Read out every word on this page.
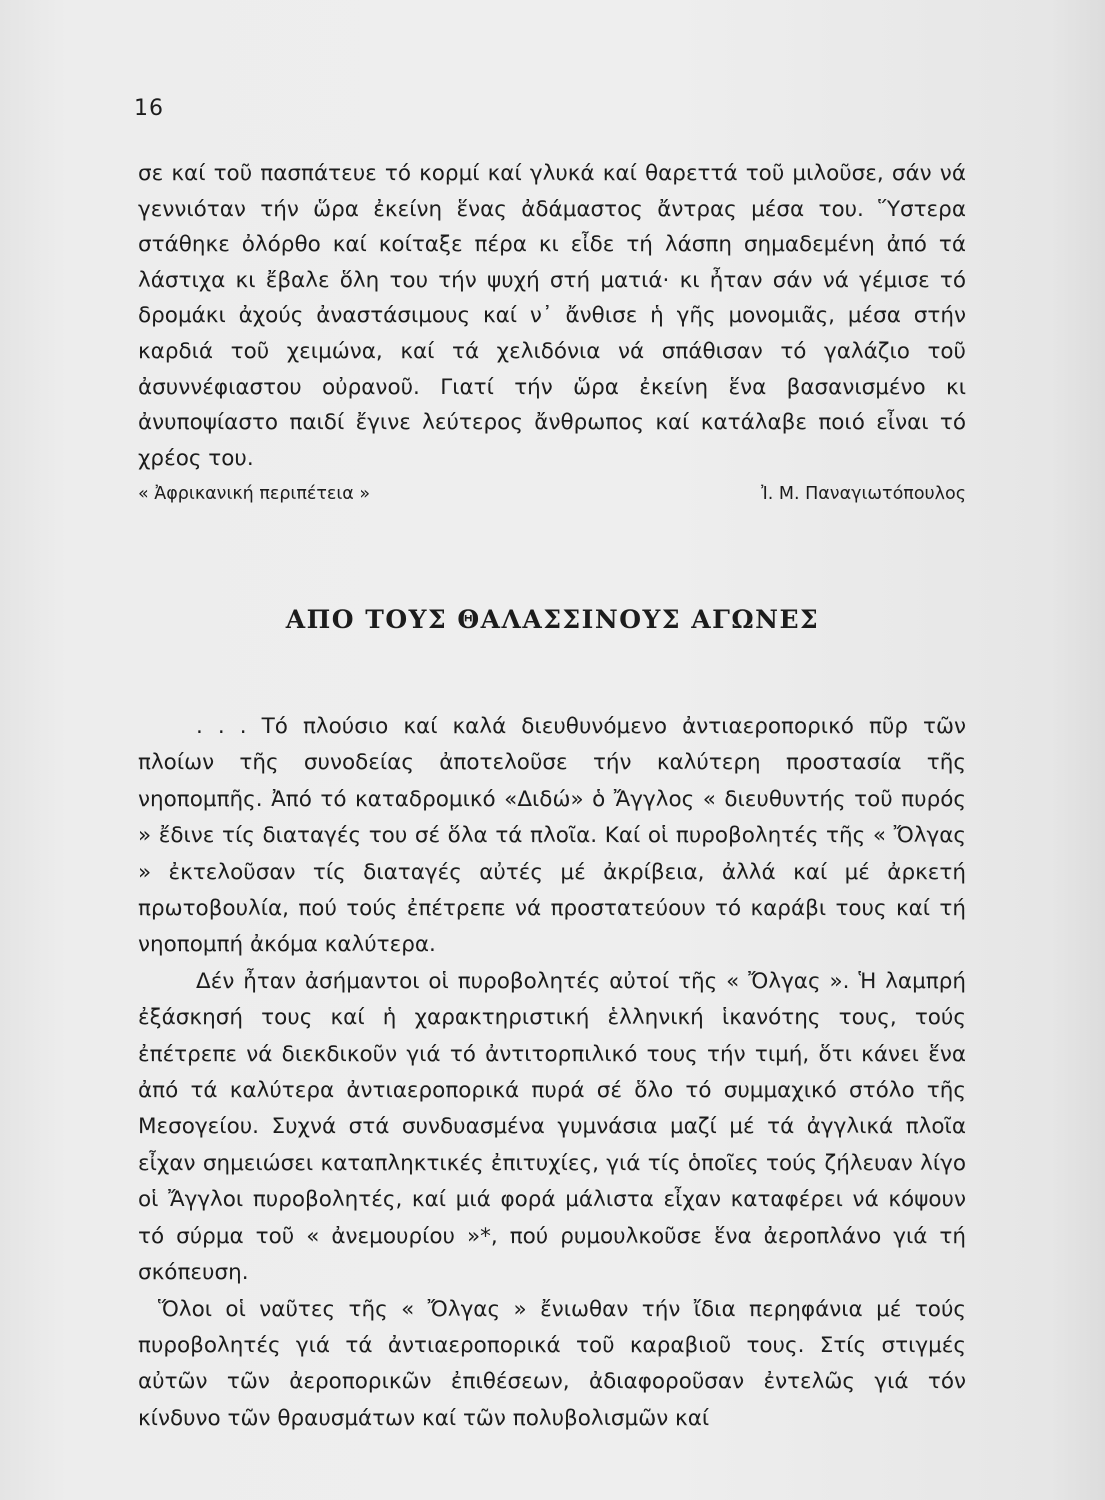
16

σε καί τοῦ πασπάτευε τό κορμί καί γλυκά καί θαρεττά τοῦ μιλοῦσε, σάν νά γεννιόταν τήν ὥρα ἐκείνη ἕνας ἀδάμαστος ἄντρας μέσα του. Ὕστερα στάθηκε ὀλόρθο καί κοίταξε πέρα κι εἶδε τή λάσπη σημαδεμένη ἀπό τά λάστιχα κι ἔβαλε ὅλη του τήν ψυχή στή ματιά· κι ἦταν σάν νά γέμισε τό δρομάκι ἀχούς ἀναστάσιμους καί ν᾽ ἄνθισε ἡ γῆς μονομιᾶς, μέσα στήν καρδιά τοῦ χειμώνα, καί τά χελιδόνια νά σπάθισαν τό γαλάζιο τοῦ ἀσυννέφιαστου οὐρανοῦ. Γιατί τήν ὥρα ἐκείνη ἕνα βασανισμένο κι ἀνυποψίαστο παιδί ἔγινε λεύτερος ἄνθρωπος καί κατάλαβε ποιό εἶναι τό χρέος του.

« Ἀφρικανική περιπέτεια »	Ἰ. Μ. Παναγιωτόπουλος
ΑΠΟ ΤΟΥΣ ΘΑΛΑΣΣΙΝΟΥΣ ΑΓΩΝΕΣ

. . . Τό πλούσιο καί καλά διευθυνόμενο ἀντιαεροπορικό πῦρ τῶν πλοίων τῆς συνοδείας ἀποτελοῦσε τήν καλύτερη προστασία τῆς νηοπομπῆς. Ἀπό τό καταδρομικό «Διδώ» ὁ Ἄγγλος « διευθυντής τοῦ πυρός » ἔδινε τίς διαταγές του σέ ὅλα τά πλοῖα. Καί οἱ πυροβολητές τῆς « Ὄλγας » ἐκτελοῦσαν τίς διαταγές αὐτές μέ ἀκρίβεια, ἀλλά καί μέ ἀρκετή πρωτοβουλία, πού τούς ἐπέτρεπε νά προστατεύουν τό καράβι τους καί τή νηοπομπή ἀκόμα καλύτερα.

Δέν ἦταν ἀσήμαντοι οἱ πυροβολητές αὐτοί τῆς « Ὄλγας ». Ἡ λαμπρή ἐξάσκησή τους καί ἡ χαρακτηριστική ἑλληνική ἱκανότης τους, τούς ἐπέτρεπε νά διεκδικοῦν γιά τό ἀντιτορπιλικό τους τήν τιμή, ὅτι κάνει ἕνα ἀπό τά καλύτερα ἀντιαεροπορικά πυρά σέ ὅλο τό συμμαχικό στόλο τῆς Μεσογείου. Συχνά στά συνδυασμένα γυμνάσια μαζί μέ τά ἀγγλικά πλοῖα εἶχαν σημειώσει καταπληκτικές ἐπιτυχίες, γιά τίς ὁποῖες τούς ζήλευαν λίγο οἱ Ἄγγλοι πυροβολητές, καί μιά φορά μάλιστα εἶχαν καταφέρει νά κόψουν τό σύρμα τοῦ « ἀνεμουρίου »*, πού ρυμουλκοῦσε ἕνα ἀεροπλάνο γιά τή σκόπευση.

Ὅλοι οἱ ναῦτες τῆς « Ὄλγας » ἔνιωθαν τήν ἴδια περηφάνια μέ τούς πυροβολητές γιά τά ἀντιαεροπορικά τοῦ καραβιοῦ τους. Στίς στιγμές αὐτῶν τῶν ἀεροπορικῶν ἐπιθέσεων, ἀδιαφοροῦσαν ἐντελῶς γιά τόν κίνδυνο τῶν θραυσμάτων καί τῶν πολυβολισμῶν καί
